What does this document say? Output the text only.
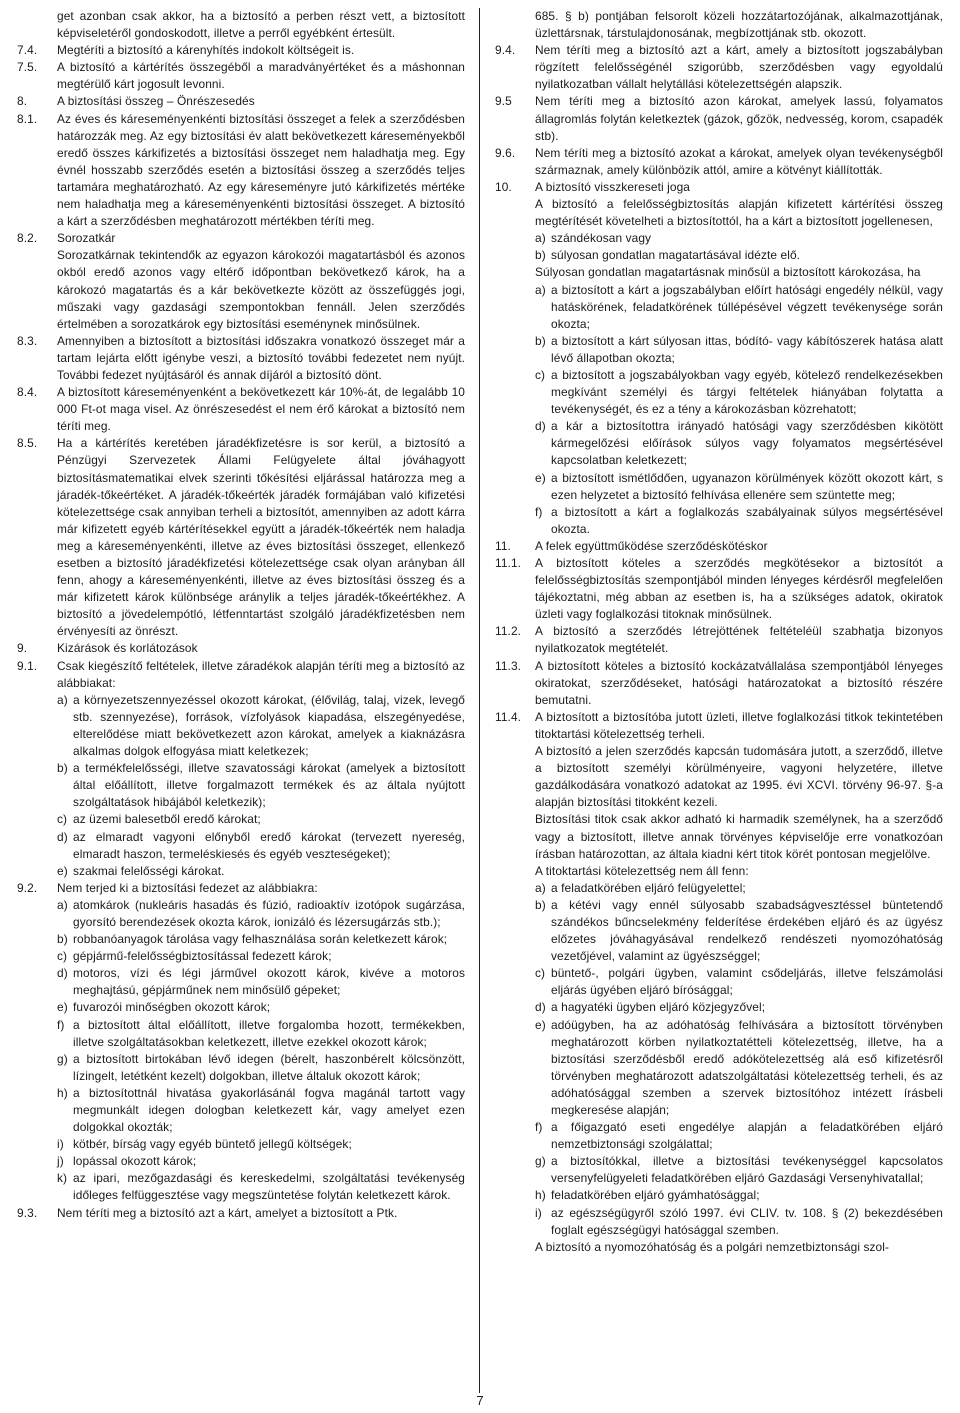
get azonban csak akkor, ha a biztosító a perben részt vett, a biztosított képviseletéről gondoskodott, illetve a perről egyébként értesült.
7.4.	Megtéríti a biztosító a kárenyhítés indokolt költségeit is.
7.5.	A biztosító a kártérítés összegéből a maradványértéket és a máshonnan megtérülő kárt jogosult levonni.
8.	A biztosítási összeg – Önrészesedés
8.1.	Az éves és káreseményenkénti biztosítási összeget a felek a szerződésben határozzák meg. Az egy biztosítási év alatt bekövetkezett káreseményekből eredő összes kárkifizetés a biztosítási összeget nem haladhatja meg. Egy évnél hosszabb szerződés esetén a biztosítási összeg a szerződés teljes tartamára meghatározható. Az egy káreseményre jutó kárkifizetés mértéke nem haladhatja meg a káreseményenkénti biztosítási összeget. A biztosító a kárt a szerződésben meghatározott mértékben téríti meg.
8.2.	Sorozatkár
Sorozatkárnak tekintendők az egyazon károkozói magatartásból és azonos okból eredő azonos vagy eltérő időpontban bekövetkező károk, ha a károkozó magatartás és a kár bekövetkezte között az összefüggés jogi, műszaki vagy gazdasági szempontokban fennáll. Jelen szerződés értelmében a sorozatkárok egy biztosítási eseménynek minősülnek.
8.3.	Amennyiben a biztosított a biztosítási időszakra vonatkozó összeget már a tartam lejárta előtt igénybe veszi, a biztosító további fedezetet nem nyújt. További fedezet nyújtásáról és annak díjáról a biztosító dönt.
8.4.	A biztosított káreseményenként a bekövetkezett kár 10%-át, de legalább 10 000 Ft-ot maga visel. Az önrészesedést el nem érő károkat a biztosító nem téríti meg.
8.5.	Ha a kártérítés keretében járadékfizetésre is sor kerül, a biztosító a Pénzügyi Szervezetek Állami Felügyelete által jóváhagyott biztosításmatematikai elvek szerinti tőkésítési eljárással határozza meg a járadék-tőkeértéket. A járadék-tőkeérték járadék formájában való kifizetési kötelezettsége csak annyiban terheli a biztosítót, amennyiben az adott kárra már kifizetett egyéb kártérítésekkel együtt a járadék-tőkeérték nem haladja meg a káreseményenkénti, illetve az éves biztosítási összeget, ellenkező esetben a biztosító járadékfizetési kötelezettsége csak olyan arányban áll fenn, ahogy a káreseményenkénti, illetve az éves biztosítási összeg és a már kifizetett károk különbsége aránylik a teljes járadék-tőkeértékhez. A biztosító a jövedelempótló, létfenntartást szolgáló járadékfizetésben nem érvényesíti az önrészt.
9.	Kizárások és korlátozások
9.1.	Csak kiegészítő feltételek, illetve záradékok alapján téríti meg a biztosító az alábbiakat:
a) a környezetszennyezéssel okozott károkat, (élővilág, talaj, vizek, levegő stb. szennyezése), források, vízfolyások kiapadása, elszegényedése, elterelődése miatt bekövetkezett azon károkat, amelyek a kiaknázásra alkalmas dolgok elfogyása miatt keletkezek;
b) a termékfelelősségi, illetve szavatossági károkat (amelyek a biztosított által előállított, illetve forgalmazott termékek és az általa nyújtott szolgáltatások hibájából keletkezik);
c) az üzemi balesetből eredő károkat;
d) az elmaradt vagyoni előnyből eredő károkat (tervezett nyereség, elmaradt haszon, termeléskiesés és egyéb veszteségeket);
e) szakmai felelősségi károkat.
9.2.	Nem terjed ki a biztosítási fedezet az alábbiakra:
a) atomkárok (nukleáris hasadás és fúzió, radioaktív izotópok sugárzása, gyorsító berendezések okozta károk, ionizáló és lézersugárzás stb.);
b) robbanóanyagok tárolása vagy felhasználása során keletkezett károk;
c) gépjármű-felelősségbiztosítással fedezett károk;
d) motoros, vízi és légi járművel okozott károk, kivéve a motoros meghajtású, gépjárműnek nem minősülő gépeket;
e) fuvarozói minőségben okozott károk;
f) a biztosított által előállított, illetve forgalomba hozott, termékekben, illetve szolgáltatásokban keletkezett, illetve ezekkel okozott károk;
g) a biztosított birtokában lévő idegen (bérelt, haszonbérelt kölcsönzött, lízingelt, letétként kezelt) dolgokban, illetve általuk okozott károk;
h) a biztosítottnál hivatása gyakorlásánál fogva magánál tartott vagy megmunkált idegen dologban keletkezett kár, vagy amelyet ezen dolgokkal okozták;
i) kötbér, bírság vagy egyéb büntető jellegű költségek;
j) lopással okozott károk;
k) az ipari, mezőgazdasági és kereskedelmi, szolgáltatási tevékenység időleges felfüggesztése vagy megszüntetése folytán keletkezett károk.
9.3.	Nem téríti meg a biztosító azt a kárt, amelyet a biztosított a Ptk.
685. § b) pontjában felsorolt közeli hozzátartozójának, alkalmazottjának, üzlettársnak, társtulajdonosának, megbízottjának stb. okozott.
9.4.	Nem téríti meg a biztosító azt a kárt, amely a biztosított jogszabályban rögzített felelősségénél szigorúbb, szerződésben vagy egyoldalú nyilatkozatban vállalt helytállási kötelezettségén alapszik.
9.5	Nem téríti meg a biztosító azon károkat, amelyek lassú, folyamatos állagromlás folytán keletkeztek (gázok, gőzök, nedvesség, korom, csapadék stb).
9.6.	Nem téríti meg a biztosító azokat a károkat, amelyek olyan tevékenységből származnak, amely különbözik attól, amire a kötvényt kiállították.
10.	A biztosító visszkereseti joga
A biztosító a felelősségbiztosítás alapján kifizetett kártérítési összeg megtérítését követelheti a biztosítottól, ha a kárt a biztosított jogellenesen,
a) szándékosan vagy
b) súlyosan gondatlan magatartásával idézte elő.
Súlyosan gondatlan magatartásnak minősül a biztosított károkozása, ha
a) a biztosított a kárt a jogszabályban előírt hatósági engedély nélkül, vagy hatáskörének, feladatkörének túllépésével végzett tevékenysége során okozta;
b) a biztosított a kárt súlyosan ittas, bódító- vagy kábítószerek hatása alatt lévő állapotban okozta;
c) a biztosított a jogszabályokban vagy egyéb, kötelező rendelkezésekben megkívánt személyi és tárgyi feltételek hiányában folytatta a tevékenységét, és ez a tény a károkozásban közrehatott;
d) a kár a biztosítottra irányadó hatósági vagy szerződésben kikötött kármegelőzési előírások súlyos vagy folyamatos megsértésével kapcsolatban keletkezett;
e) a biztosított ismétlődően, ugyanazon körülmények között okozott kárt, s ezen helyzetet a biztosító felhívása ellenére sem szüntette meg;
f) a biztosított a kárt a foglalkozás szabályainak súlyos megsértésével okozta.
11.	A felek együttműködése szerződéskötéskor
11.1.	A biztosított köteles a szerződés megkötésekor a biztosítót a felelősségbiztosítás szempontjából minden lényeges kérdésről megfelelően tájékoztatni, még abban az esetben is, ha a szükséges adatok, okiratok üzleti vagy foglalkozási titoknak minősülnek.
11.2.	A biztosító a szerződés létrejöttének feltételéül szabhatja bizonyos nyilatkozatok megtételét.
11.3.	A biztosított köteles a biztosító kockázatvállalása szempontjából lényeges okiratokat, szerződéseket, hatósági határozatokat a biztosító részére bemutatni.
11.4.	A biztosított a biztosítóba jutott üzleti, illetve foglalkozási titkok tekintetében titoktartási kötelezettség terheli.
A biztosító a jelen szerződés kapcsán tudomására jutott, a szerződő, illetve a biztosított személyi körülményeire, vagyoni helyzetére, illetve gazdálkodására vonatkozó adatokat az 1995. évi XCVI. törvény 96-97. §-a alapján biztosítási titokként kezeli.
Biztosítási titok csak akkor adható ki harmadik személynek, ha a szerződő vagy a biztosított, illetve annak törvényes képviselője erre vonatkozóan írásban határozottan, az általa kiadni kért titok körét pontosan megjelölve.
A titoktartási kötelezettség nem áll fenn:
a) a feladatkörében eljáró felügyelettel;
b) a kétévi vagy ennél súlyosabb szabadságvesztéssel büntetendő szándékos bűncselekmény felderítése érdekében eljáró és az ügyész előzetes jóváhagyásával rendelkező rendészeti nyomozóhatóság vezetőjével, valamint az ügyészséggel;
c) büntető-, polgári ügyben, valamint csődeljárás, illetve felszámolási eljárás ügyében eljáró bírósággal;
d) a hagyatéki ügyben eljáró közjegyzővel;
e) adóügyben, ha az adóhatóság felhívására a biztosított törvényben meghatározott körben nyilatkoztatétteli kötelezettség, illetve, ha a biztosítási szerződésből eredő adókötelezettség alá eső kifizetésről törvényben meghatározott adatszolgáltatási kötelezettség terheli, és az adóhatósággal szemben a szervek biztosítóhoz intézett írásbeli megkeresése alapján;
f) a főigazgató eseti engedélye alapján a feladatkörében eljáró nemzetbiztonsági szolgálattal;
g) a biztosítókkal, illetve a biztosítási tevékenységgel kapcsolatos versenyfelügyeleti feladatkörében eljáró Gazdasági Versenyhivatallal;
h) feladatkörében eljáró gyámhatósággal;
i) az egészségügyről szóló 1997. évi CLIV. tv. 108. § (2) bekezdésében foglalt egészségügyi hatósággal szemben.
A biztosító a nyomozóhatóság és a polgári nemzetbiztonsági szol-
7
